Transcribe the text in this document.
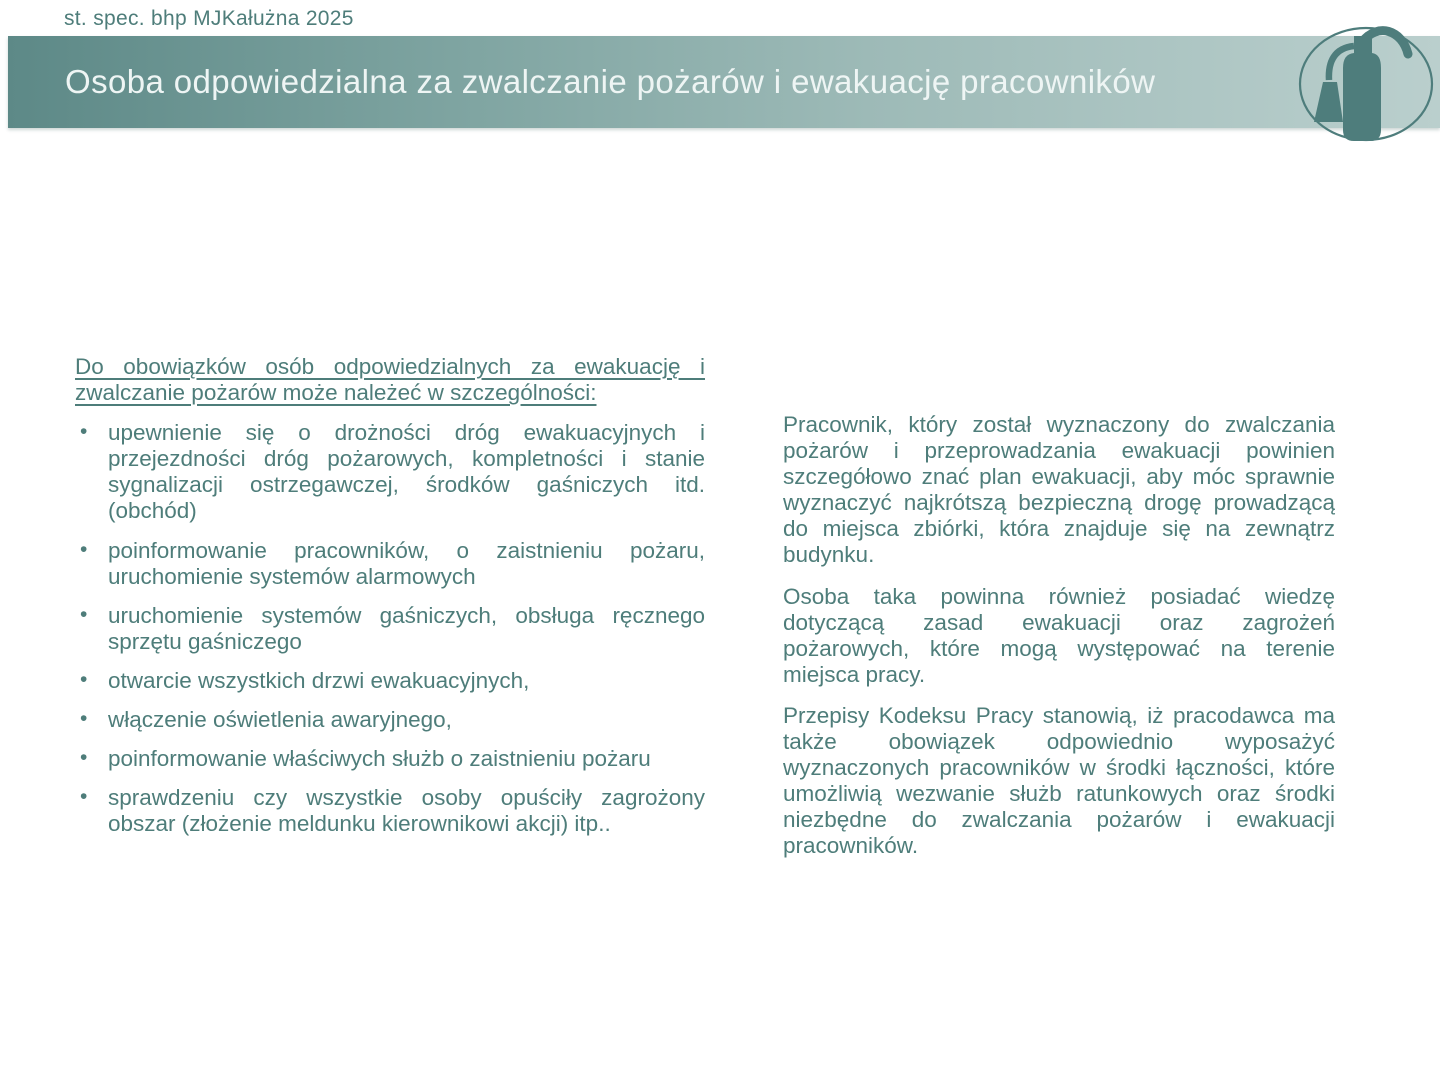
st. spec. bhp MJKałużna 2025
Osoba odpowiedzialna za zwalczanie pożarów i ewakuację pracowników
Do obowiązków osób odpowiedzialnych za ewakuację i zwalczanie pożarów może należeć w szczególności:
• upewnienie się o drożności dróg ewakuacyjnych i przejezdności dróg pożarowych, kompletności i stanie sygnalizacji ostrzegawczej, środków gaśniczych itd. (obchód)
• poinformowanie pracowników, o zaistnieniu pożaru, uruchomienie systemów alarmowych
• uruchomienie systemów gaśniczych, obsługa ręcznego sprzętu gaśniczego
• otwarcie wszystkich drzwi ewakuacyjnych,
• włączenie oświetlenia awaryjnego,
• poinformowanie właściwych służb o zaistnieniu pożaru
• sprawdzeniu czy wszystkie osoby opuściły zagrożony obszar (złożenie meldunku kierownikowi akcji) itp..

Pracownik, który został wyznaczony do zwalczania pożarów i przeprowadzania ewakuacji powinien szczegółowo znać plan ewakuacji, aby móc sprawnie wyznaczyć najkrótszą bezpieczną drogę prowadzącą do miejsca zbiórki, która znajduje się na zewnątrz budynku.

Osoba taka powinna również posiadać wiedzę dotyczącą zasad ewakuacji oraz zagrożeń pożarowych, które mogą występować na terenie miejsca pracy.

Przepisy Kodeksu Pracy stanowią, iż pracodawca ma także obowiązek odpowiednio wyposażyć wyznaczonych pracowników w środki łączności, które umożliwią wezwanie służb ratunkowych oraz środki niezbędne do zwalczania pożarów i ewakuacji pracowników.
